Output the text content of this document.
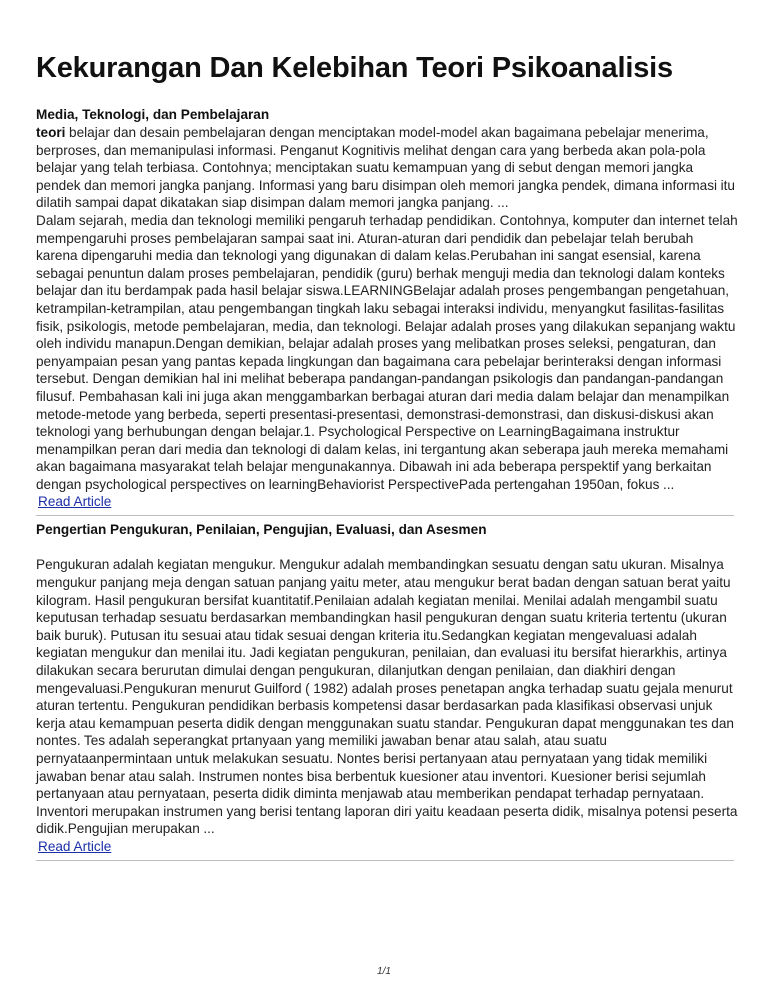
Kekurangan Dan Kelebihan Teori Psikoanalisis
Media, Teknologi, dan Pembelajaran

teori belajar dan desain pembelajaran dengan menciptakan model-model akan bagaimana pebelajar menerima, berproses, dan memanipulasi informasi. Penganut Kognitivis melihat dengan cara yang berbeda akan pola-pola belajar yang telah terbiasa. Contohnya; menciptakan suatu kemampuan yang di sebut dengan memori jangka pendek dan memori jangka panjang. Informasi yang baru disimpan oleh memori jangka pendek, dimana informasi itu dilatih sampai dapat dikatakan siap disimpan dalam memori jangka panjang. ...

Dalam sejarah, media dan teknologi memiliki pengaruh terhadap pendidikan. Contohnya, komputer dan internet telah mempengaruhi proses pembelajaran sampai saat ini. Aturan-aturan dari pendidik dan pebelajar telah berubah karena dipengaruhi media dan teknologi yang digunakan di dalam kelas.Perubahan ini sangat esensial, karena sebagai penuntun dalam proses pembelajaran, pendidik (guru) berhak menguji media dan teknologi dalam konteks belajar dan itu berdampak pada hasil belajar siswa.LEARNINGBelajar adalah proses pengembangan pengetahuan, ketrampilan-ketrampilan, atau pengembangan tingkah laku sebagai interaksi individu, menyangkut fasilitas-fasilitas fisik, psikologis, metode pembelajaran, media, dan teknologi. Belajar adalah proses yang dilakukan sepanjang waktu oleh individu manapun.Dengan demikian, belajar adalah proses yang melibatkan proses seleksi, pengaturan, dan penyampaian pesan yang pantas kepada lingkungan dan bagaimana cara pebelajar berinteraksi dengan informasi tersebut. Dengan demikian hal ini melihat beberapa pandangan-pandangan psikologis dan pandangan-pandangan filusuf. Pembahasan kali ini juga akan menggambarkan berbagai aturan dari media dalam belajar dan menampilkan metode-metode yang berbeda, seperti presentasi-presentasi, demonstrasi-demonstrasi, dan diskusi-diskusi akan teknologi yang berhubungan dengan belajar.1. Psychological Perspective on LearningBagaimana instruktur menampilkan peran dari media dan teknologi di dalam kelas, ini tergantung akan seberapa jauh mereka memahami akan bagaimana masyarakat telah belajar mengunakannya. Dibawah ini ada beberapa perspektif yang berkaitan dengan psychological perspectives on learningBehaviorist PerspectivePada pertengahan 1950an, fokus ...

Read Article
Pengertian Pengukuran, Penilaian, Pengujian, Evaluasi, dan Asesmen

Pengukuran adalah kegiatan mengukur. Mengukur adalah membandingkan sesuatu dengan satu ukuran. Misalnya mengukur panjang meja dengan satuan panjang yaitu meter, atau mengukur berat badan dengan satuan berat yaitu kilogram. Hasil pengukuran bersifat kuantitatif.Penilaian adalah kegiatan menilai. Menilai adalah mengambil suatu keputusan terhadap sesuatu berdasarkan membandingkan hasil pengukuran dengan suatu kriteria tertentu (ukuran baik buruk). Putusan itu sesuai atau tidak sesuai dengan kriteria itu.Sedangkan kegiatan mengevaluasi adalah kegiatan mengukur dan menilai itu. Jadi kegiatan pengukuran, penilaian, dan evaluasi itu bersifat hierarkhis, artinya dilakukan secara berurutan dimulai dengan pengukuran, dilanjutkan dengan penilaian, dan diakhiri dengan mengevaluasi.Pengukuran menurut Guilford ( 1982) adalah proses penetapan angka terhadap suatu gejala menurut aturan tertentu. Pengukuran pendidikan berbasis kompetensi dasar berdasarkan pada klasifikasi observasi unjuk kerja atau kemampuan peserta didik dengan menggunakan suatu standar. Pengukuran dapat menggunakan tes dan nontes. Tes adalah seperangkat prtanyaan yang memiliki jawaban benar atau salah, atau suatu pernyataanpermintaan untuk melakukan sesuatu. Nontes berisi pertanyaan atau pernyataan yang tidak memiliki jawaban benar atau salah. Instrumen nontes bisa berbentuk kuesioner atau inventori. Kuesioner berisi sejumlah pertanyaan atau pernyataan, peserta didik diminta menjawab atau memberikan pendapat terhadap pernyataan. Inventori merupakan instrumen yang berisi tentang laporan diri yaitu keadaan peserta didik, misalnya potensi peserta didik.Pengujian merupakan ...

Read Article
1/1
